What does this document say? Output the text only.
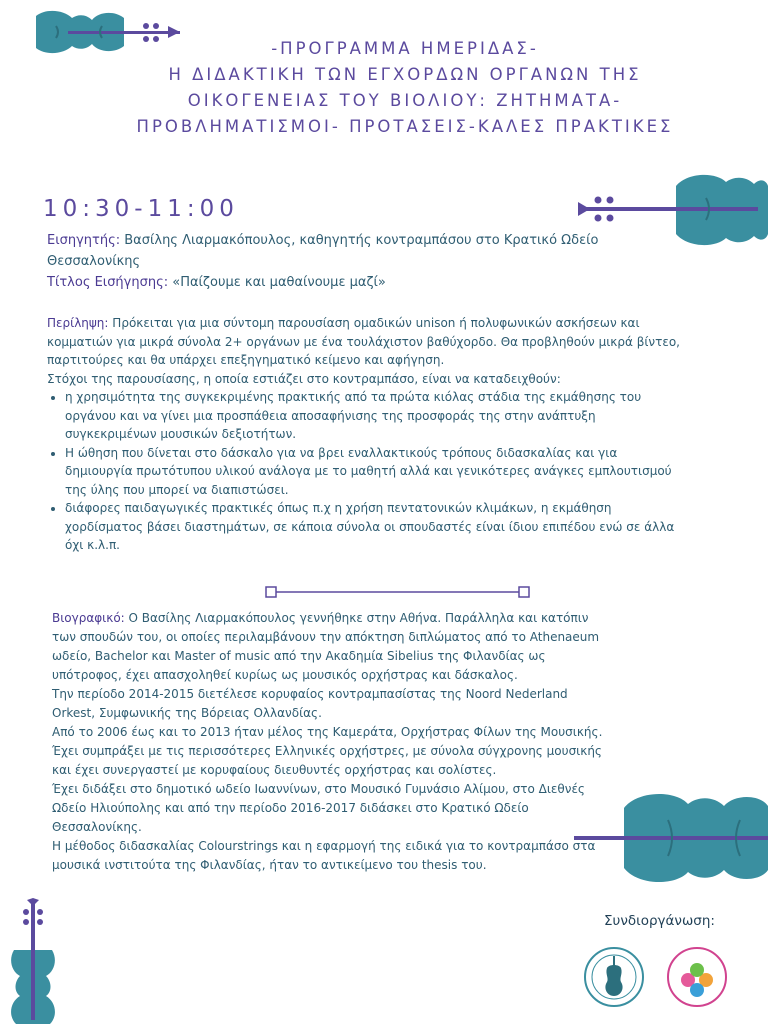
-ΠΡΟΓΡΑΜΜΑ ΗΜΕΡΙΔΑΣ-
Η ΔΙΔΑΚΤΙΚΗ ΤΩΝ ΕΓΧΟΡΔΩΝ ΟΡΓΑΝΩΝ ΤΗΣ
ΟΙΚΟΓΕΝΕΙΑΣ ΤΟΥ ΒΙΟΛΙΟΥ: ΖΗΤΗΜΑΤΑ-
ΠΡΟΒΛΗΜΑΤΙΣΜΟΙ- ΠΡΟΤΑΣΕΙΣ-ΚΑΛΕΣ ΠΡΑΚΤΙΚΕΣ
10:30-11:00
Εισηγητής: Βασίλης Λιαρμακόπουλος, καθηγητής κοντραμπάσου στο Κρατικό Ωδείο Θεσσαλονίκης
Τίτλος Εισήγησης: «Παίζουμε και μαθαίνουμε μαζί»

Περίληψη: Πρόκειται για μια σύντομη παρουσίαση ομαδικών unison ή πολυφωνικών ασκήσεων και κομματιών για μικρά σύνολα 2+ οργάνων με ένα τουλάχιστον βαθύχορδο. Θα προβληθούν μικρά βίντεο, παρτιτούρες και θα υπάρχει επεξηγηματικό κείμενο και αφήγηση.

Στόχοι της παρουσίασης, η οποία εστιάζει στο κοντραμπάσο, είναι να καταδειχθούν:

• η χρησιμότητα της συγκεκριμένης πρακτικής από τα πρώτα κιόλας στάδια της εκμάθησης του οργάνου και να γίνει μια προσπάθεια αποσαφήνισης της προσφοράς της στην ανάπτυξη συγκεκριμένων μουσικών δεξιοτήτων.
• Η ώθηση που δίνεται στο δάσκαλο για να βρει εναλλακτικούς τρόπους διδασκαλίας και για δημιουργία πρωτότυπου υλικού ανάλογα με το μαθητή αλλά και γενικότερες ανάγκες εμπλουτισμού της ύλης που μπορεί να διαπιστώσει.
• διάφορες παιδαγωγικές πρακτικές όπως π.χ η χρήση πεντατονικών κλιμάκων, η εκμάθηση χορδίσματος βάσει διαστημάτων, σε κάποια σύνολα οι σπουδαστές είναι ίδιου επιπέδου ενώ σε άλλα όχι κ.λ.π.

Βιογραφικό: Ο Βασίλης Λιαρμακόπουλος γεννήθηκε στην Αθήνα. Παράλληλα και κατόπιν των σπουδών του, οι οποίες περιλαμβάνουν την απόκτηση διπλώματος από το Athenaeum ωδείο, Bachelor και Master of music από την Ακαδημία Sibelius της Φιλανδίας ως υπότροφος, έχει απασχοληθεί κυρίως ως μουσικός ορχήστρας και δάσκαλος.

Την περίοδο 2014-2015 διετέλεσε κορυφαίος κοντραμπασίστας της Noord Nederland Orkest, Συμφωνικής της Βόρειας Ολλανδίας.

Από το 2006 έως και το 2013 ήταν μέλος της Καμεράτα, Ορχήστρας Φίλων της Μουσικής.

Έχει συμπράξει με τις περισσότερες Ελληνικές ορχήστρες, με σύνολα σύγχρονης μουσικής και έχει συνεργαστεί με κορυφαίους διευθυντές ορχήστρας και σολίστες.

Έχει διδάξει στο δημοτικό ωδείο Ιωαννίνων, στο Μουσικό Γυμνάσιο Αλίμου, στο Διεθνές Ωδείο Ηλιούπολης και από την περίοδο 2016-2017 διδάσκει στο Κρατικό Ωδείο Θεσσαλονίκης.

Η μέθοδος διδασκαλίας Colourstrings και η εφαρμογή της ειδικά για το κοντραμπάσο στα μουσικά ινστιτούτα της Φιλανδίας, ήταν το αντικείμενο του thesis του.

Συνδιοργάνωση:
